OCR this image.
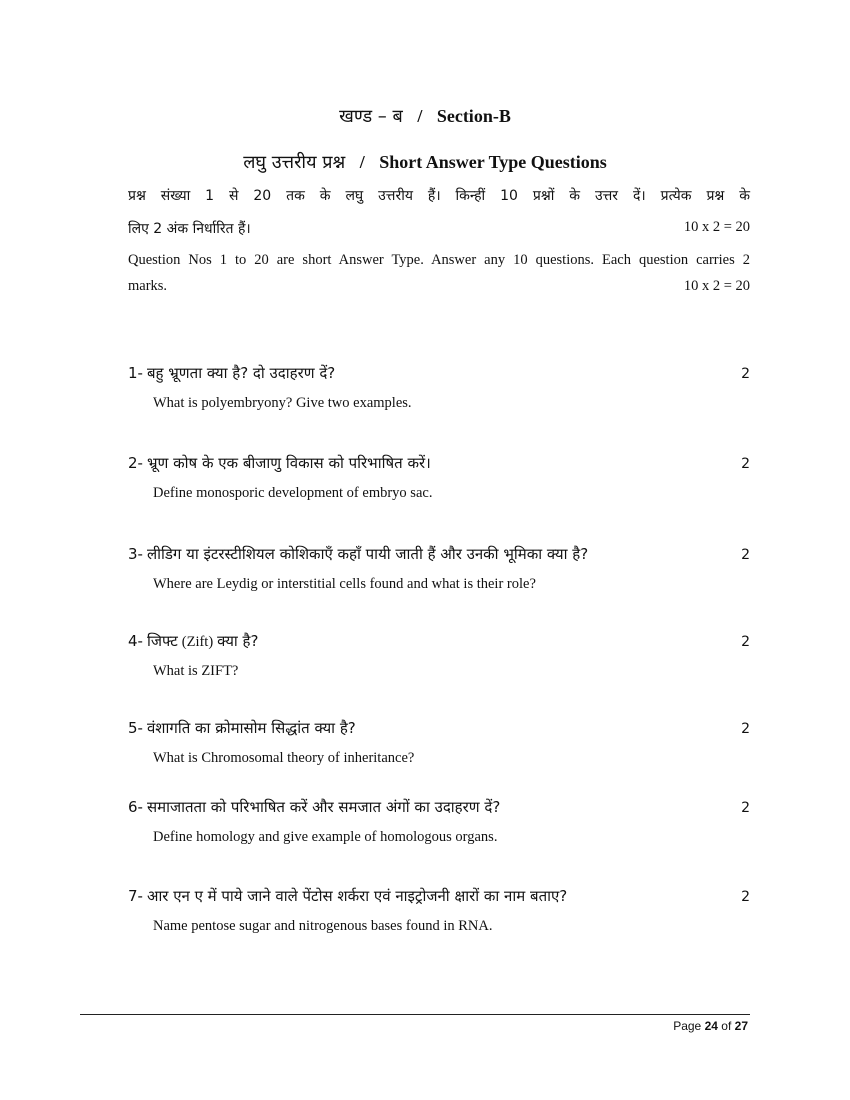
खण्ड – ब / Section-B
लघु उत्तरीय प्रश्न / Short Answer Type Questions
प्रश्न संख्या 1 से 20 तक के लघु उत्तरीय हैं। किन्हीं 10 प्रश्नों के उत्तर दें। प्रत्येक प्रश्न के
लिए 2 अंक निर्धारित हैं।	10 x 2 = 20
Question Nos 1 to 20 are short Answer Type. Answer any 10 questions. Each question carries 2
marks.	10 x 2 = 20
1- बहु भ्रूणता क्या है? दो उदाहरण दें?	2
What is polyembryony? Give two examples.
2- भ्रूण कोष के एक बीजाणु विकास को परिभाषित करें।	2
Define monosporic development of embryo sac.
3- लीडिग या इंटरस्टीशियल कोशिकाएँ कहाँ पायी जाती हैं और उनकी भूमिका क्या है?	2
Where are Leydig or interstitial cells found and what is their role?
4- जिफ्ट (Zift) क्या है?	2
What is ZIFT?
5- वंशागति का क्रोमासोम सिद्धांत क्या है?	2
What is Chromosomal theory of inheritance?
6- समाजातता को परिभाषित करें और समजात अंगों का उदाहरण दें?	2
Define homology and give example of homologous organs.
7- आर एन ए में पाये जाने वाले पेंटोस शर्करा एवं नाइट्रोजनी क्षारों का नाम बताए?	2
Name pentose sugar and nitrogenous bases found in RNA.
Page 24 of 27
